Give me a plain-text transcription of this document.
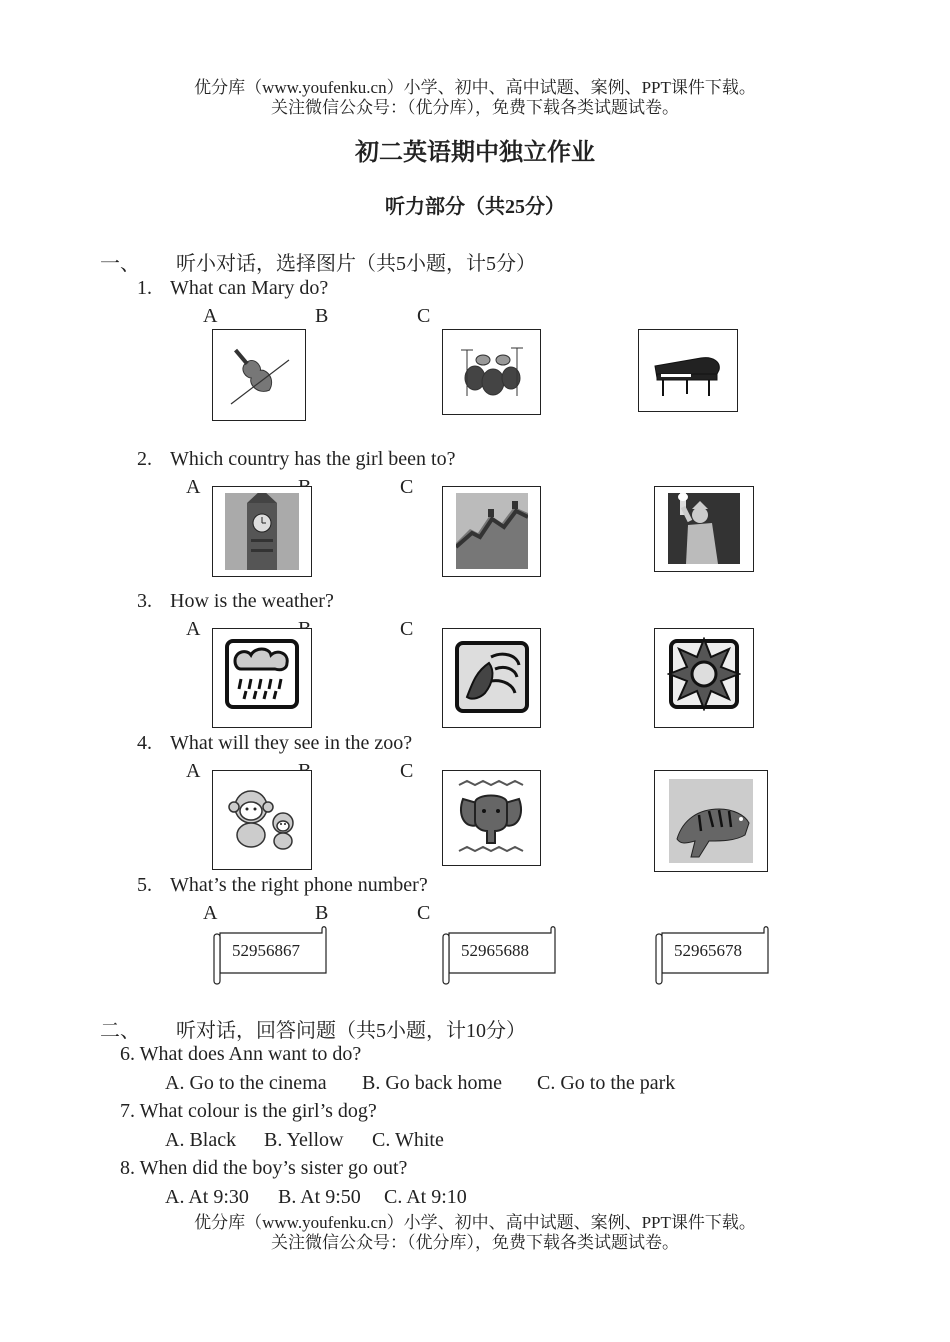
优分库（www.youfenku.cn）小学、初中、高中试题、案例、PPT课件下载。
关注微信公众号：（优分库），免费下载各类试题试卷。
初二英语期中独立作业
听力部分（共25分）
一、 听小对话，选择图片（共5小题，计5分）
1. What can Mary do?
A	B	C
2. Which country has the girl been to?
A	C
3. How is the weather?
A	C
4. What will they see in the zoo?
A	C
5. What’s the right phone number?
A	B	C
52956867	52965688	52965678
二、 听对话，回答问题（共5小题，计10分）
6. What does Ann want to do?
A. Go to the cinema B. Go back home C. Go to the park
7. What colour is the girl’s dog?
A. Black B. Yellow C. White
8. When did the boy’s sister go out?
A. At 9:30 B. At 9:50 C. At 9:10
优分库（www.youfenku.cn）小学、初中、高中试题、案例、PPT课件下载。
关注微信公众号：（优分库），免费下载各类试题试卷。
